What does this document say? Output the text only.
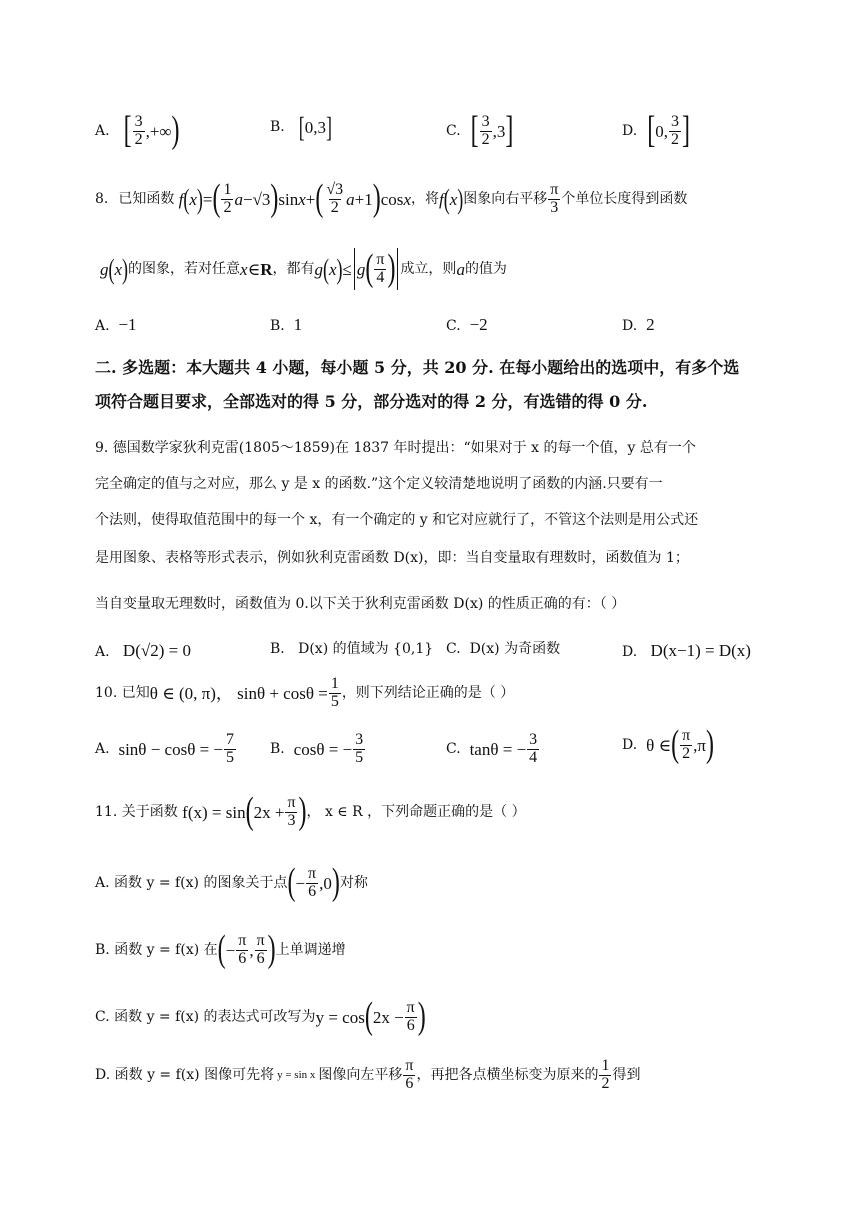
A. [ $\frac{3}{2}$ ,+∞ )	B. [ 0,3 ]	C. [ $\frac{3}{2} ,3$ ]	D. [ 0, $\frac{3}{2}$ ]
8. 已知函数 f ( x ) = ( $\frac{1}{2}$ a −√3 ) sin x + ( $\frac{√3}{2}$ a +1 ) cos x ，将 f ( x ) 图象向右平移 $\frac{\pi}{3}$ 个单位长度得到函数
g ( x ) 的图象，若对任意 x ∈ R ，都有 g ( x ) ≤ g ( $\frac{\pi}{4}$ ) 成立，则 a 的值为
A. −1	B. 1	C. −2	D. 2
二. 多选题：本大题共 4 小题，每小题 5 分，共 20 分. 在每小题给出的选项中，有多个选
项符合题目要求，全部选对的得 5 分，部分选对的得 2 分，有选错的得 0 分.
9. 德国数学家狄利克雷(1805～1859)在 1837 年时提出：“如果对于 x 的每一个值，y 总有一个
完全确定的值与之对应，那么 y 是 x 的函数.”这个定义较清楚地说明了函数的内涵.只要有一
个法则，使得取值范围中的每一个 x，有一个确定的 y 和它对应就行了，不管这个法则是用公式还
是用图象、表格等形式表示，例如狄利克雷函数 D(x)，即：当自变量取有理数时，函数值为 1；
当自变量取无理数时，函数值为 0.以下关于狄利克雷函数 D(x) 的性质正确的有：（ ）
A. D(√2) = 0	B. D(x) 的值域为 {0,1} C. D(x) 为奇函数	D. D(x−1) = D(x)
10. 已知 θ ∈ (0, π)， $\sin\theta + \cos\theta = \frac{1}{5}$ ，则下列结论正确的是（ ）
A.
sinθ − cosθ = − $\frac{7}{5} B$.
cosθ = − $\frac{3}{5}$	C.
tanθ = − $\frac{3}{4}$	D.
θ ∈ ( $\frac{\pi}{2} ,\pi$ )
11. 关于函数
f(x) = sin ( $2x + \frac{\pi}{3}$ ) ， x ∈ R ，下列命题正确的是（ ）
A. 函数 y = f(x) 的图象关于点 ( − $\frac{\pi}{6} ,0$ ) 对称
B. 函数 y = f(x) 在 ( − $\frac{\pi}{6}$ , $\frac{\pi}{6}$ ) 上单调递增
C. 函数 y = f(x) 的表达式可改写为 y = cos ( $2x - \frac{\pi}{6}$ )
D. 函数 y = f(x) 图像可先将 y = sin x 图像向左平移 $\frac{\pi}{6}$ ，再把各点横坐标变为原来的 $\frac{1}{2}$ 得到
